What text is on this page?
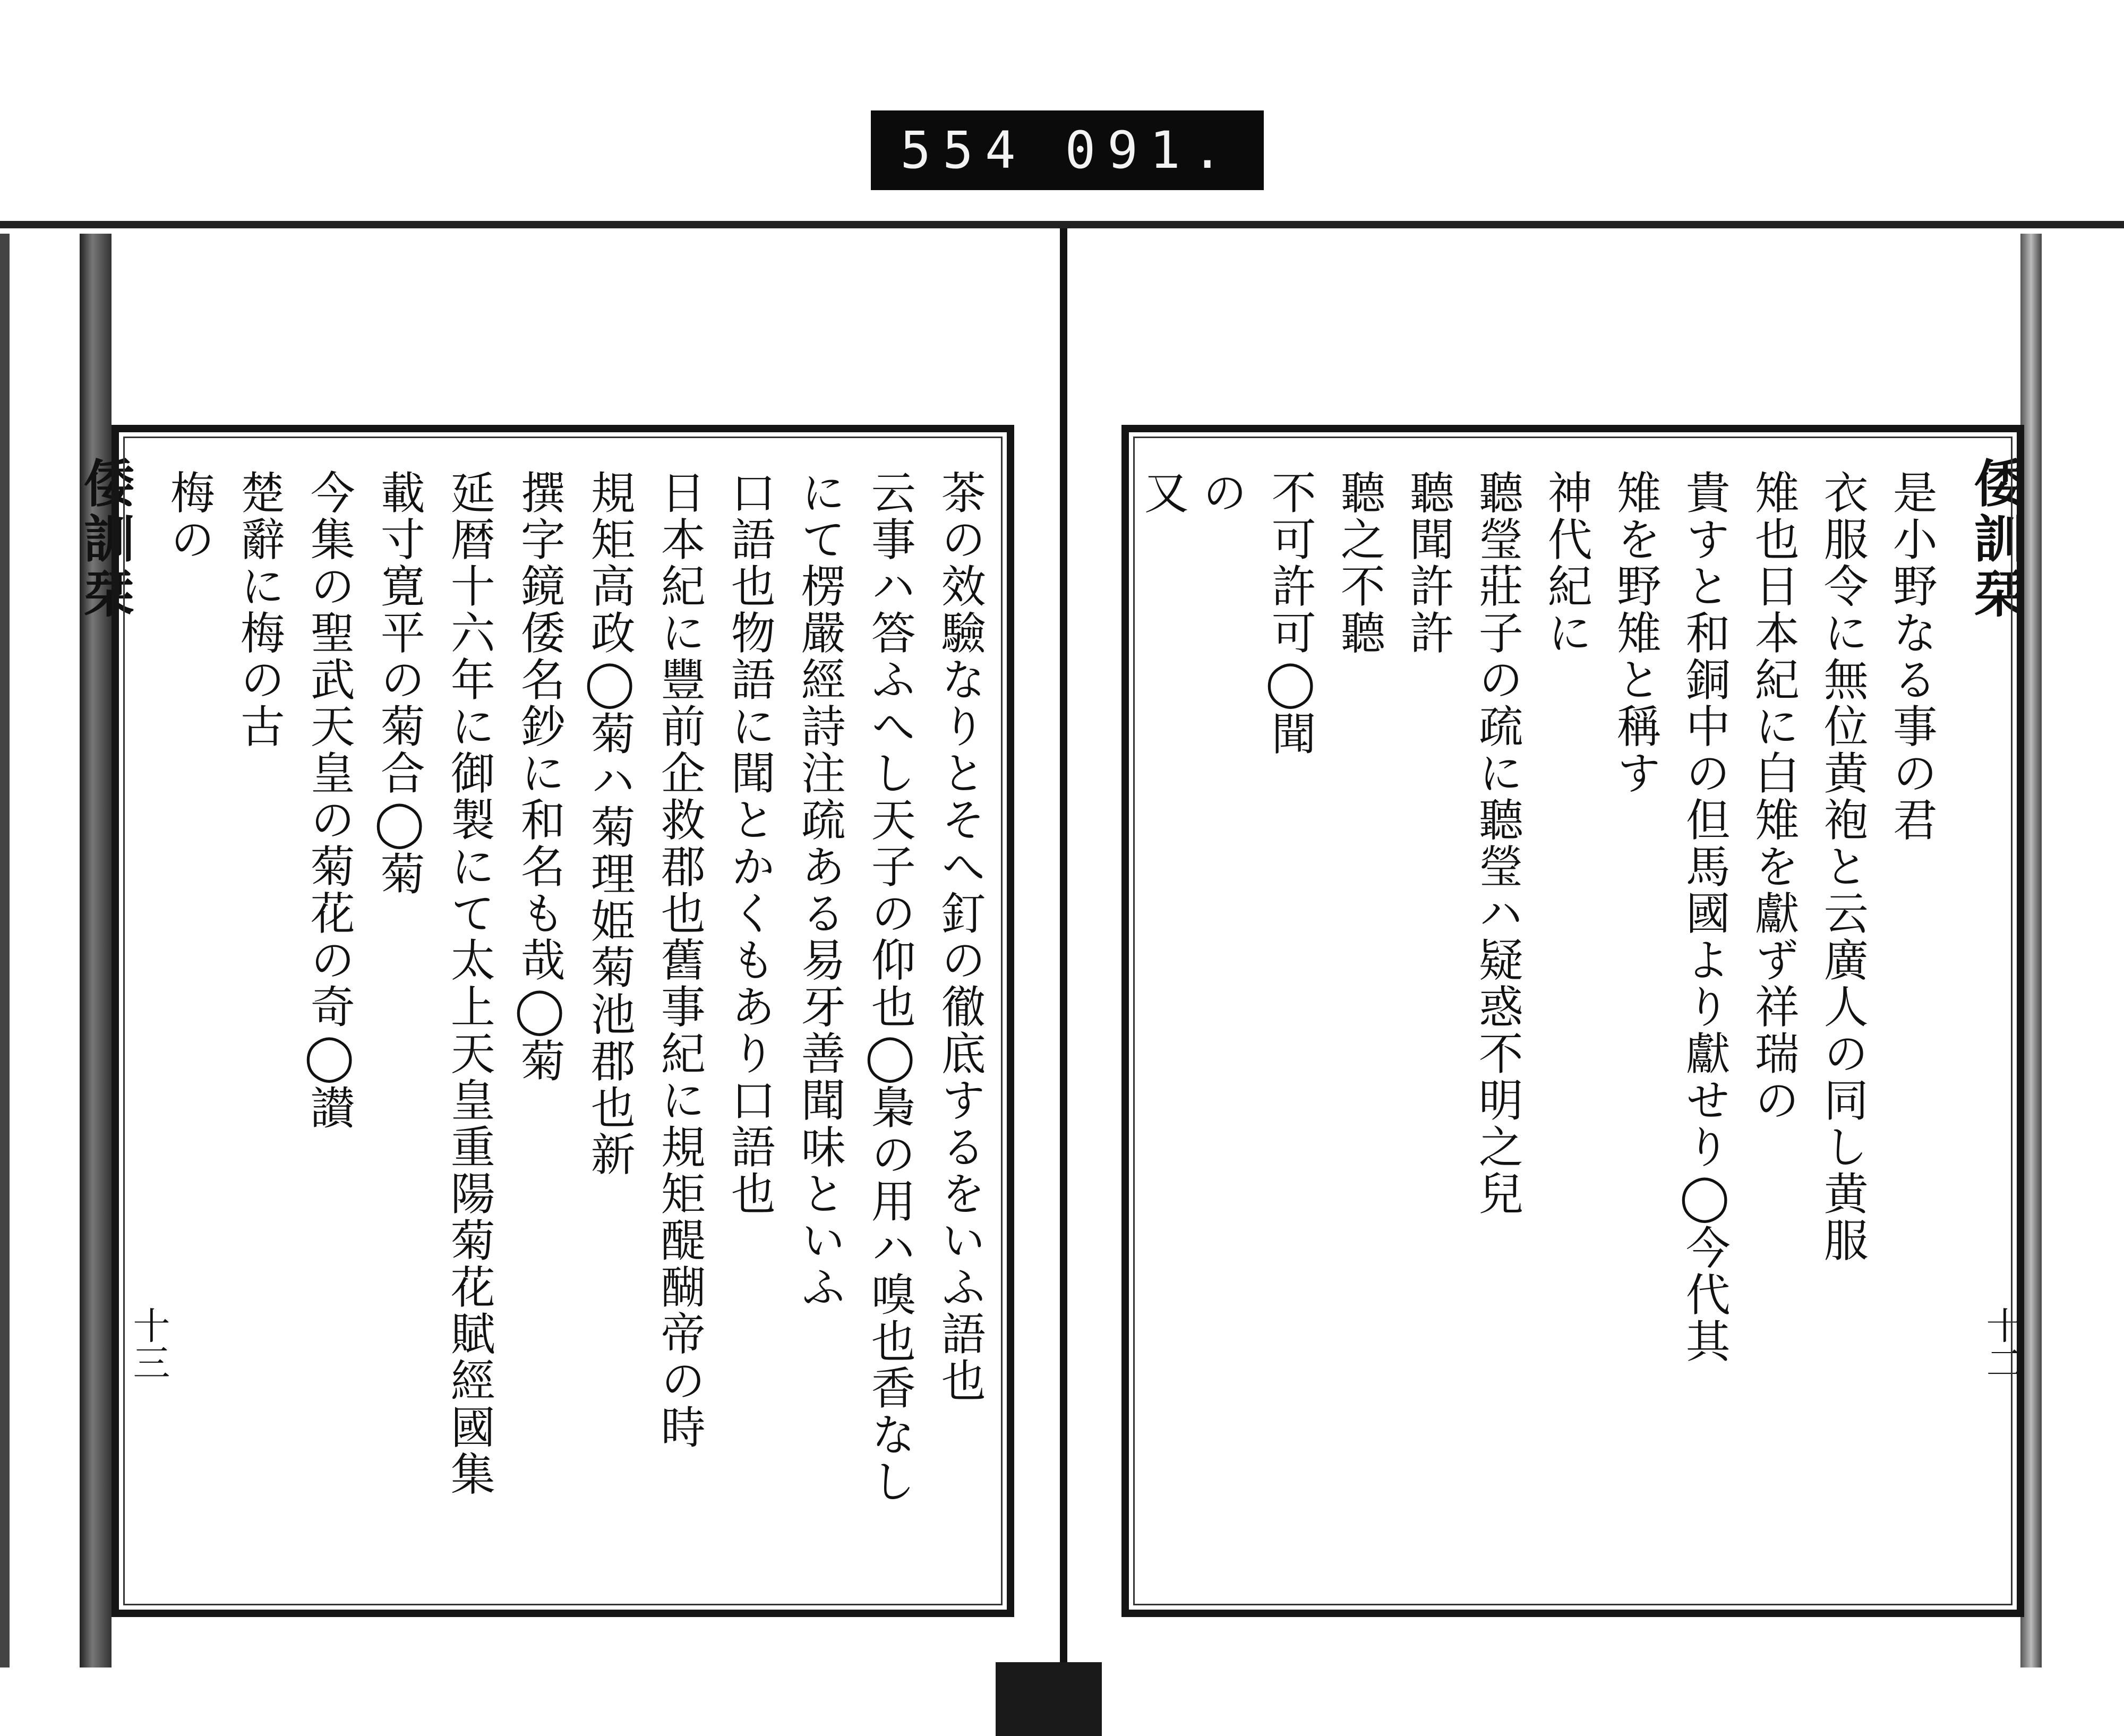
554 091.
倭訓栞	倭訓栞
十三	十二
茶の效驗なりとそへ釘の徹底するをいふ語也
云事ハ答ふへし天子の仰也◯梟の用ハ嗅也香なし
にて楞嚴經詩注疏ある易牙善聞味といふ
口語也物語に聞とかくもあり口語也
日本紀に豐前企救郡也舊事紀に規矩醍醐帝の時
規矩高政◯菊ハ菊理姫菊池郡也新
撰字鏡倭名鈔に和名も哉◯菊
延暦十六年に御製にて太上天皇重陽菊花賦經國集
載寸寛平の菊合◯菊
今集の聖武天皇の菊花の奇◯讃
楚辭に梅の古
梅の	是小野なる事の君
衣服令に無位黄袍と云廣人の同し黄服
雉也日本紀に白雉を獻ず祥瑞の
貴すと和銅中の但馬國より獻せり◯今代其
雉を野雉と稱す
神代紀に
聽瑩莊子の疏に聽瑩ハ疑惑不明之兒
聽聞許許
聽之不聽
不可許可◯聞
の
又
